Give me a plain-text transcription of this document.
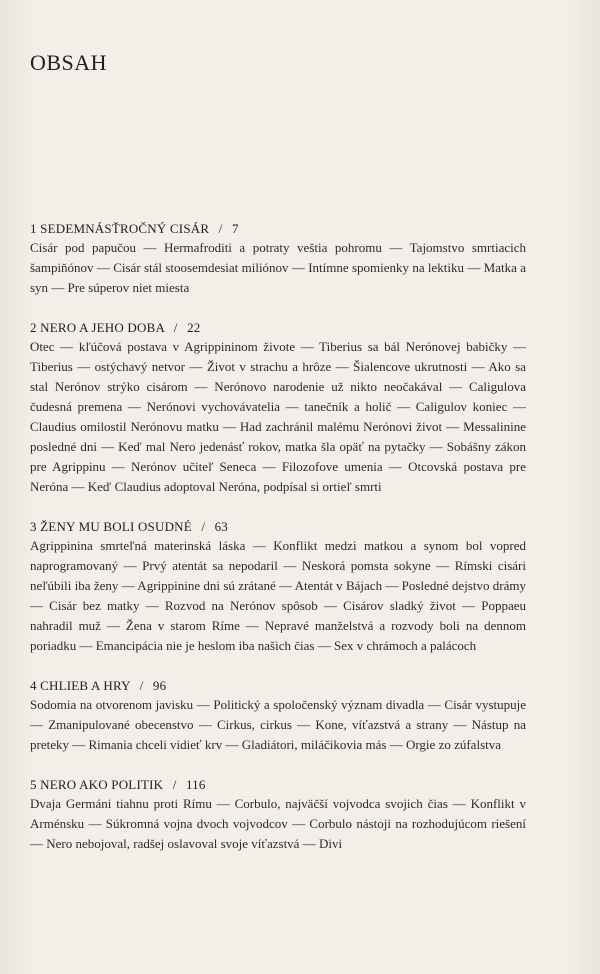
OBSAH
1 SEDEMNÁSŤROČNÝ CISÁR / 7
Cisár pod papučou — Hermafroditi a potraty veštia pohromu — Tajomstvo smrtiacich šampiňónov — Cisár stál stoosemdesiat miliónov — Intímne spomienky na lektiku — Matka a syn — Pre súperov niet miesta
2 NERO A JEHO DOBA / 22
Otec — kľúčová postava v Agrippininom živote — Tiberius sa bál Nerónovej babičky — Tiberius — ostýchavý netvor — Život v strachu a hrôze — Šialencove ukrutnosti — Ako sa stal Nerónov strýko cisárom — Nerónovo narodenie už nikto neočakával — Caligulova čudesná premena — Nerónovi vychovávatelia — tanečník a holič — Caligulov koniec — Claudius omilostil Nerónovu matku — Had zachránil malému Nerónovi život — Messalinine posledné dni — Keď mal Nero jedenásť rokov, matka šla opäť na pytačky — Sobášny zákon pre Agrippinu — Nerónov učiteľ Seneca — Filozofove umenia — Otcovská postava pre Neróna — Keď Claudius adoptoval Neróna, podpísal si ortieľ smrti
3 ŽENY MU BOLI OSUDNÉ / 63
Agrippinina smrteľná materinská láska — Konflikt medzi matkou a synom bol vopred naprogramovaný — Prvý atentát sa nepodaril — Neskorá pomsta sokyne — Rímski cisári neľúbili iba ženy — Agrippinine dni sú zrátané — Atentát v Bájach — Posledné dejstvo drámy — Cisár bez matky — Rozvod na Nerónov spôsob — Cisárov sladký život — Poppaeu nahradil muž — Žena v starom Ríme — Nepravé manželstvá a rozvody boli na dennom poriadku — Emancipácia nie je heslom iba našich čias — Sex v chrámoch a palácoch
4 CHLIEB A HRY / 96
Sodomia na otvorenom javisku — Politický a spoločenský význam divadla — Cisár vystupuje — Zmanipulované obecenstvo — Cirkus, cirkus — Kone, víťazstvá a strany — Nástup na preteky — Rimania chceli vidieť krv — Gladiátori, miláčikovia más — Orgie zo zúfalstva
5 NERO AKO POLITIK / 116
Dvaja Germáni tiahnu proti Rímu — Corbulo, najväčší vojvodca svojich čias — Konflikt v Arménsku — Súkromná vojna dvoch vojvodcov — Corbulo nástoji na rozhodujúcom riešení — Nero nebojoval, radšej oslavoval svoje víťazstvá — Divi
